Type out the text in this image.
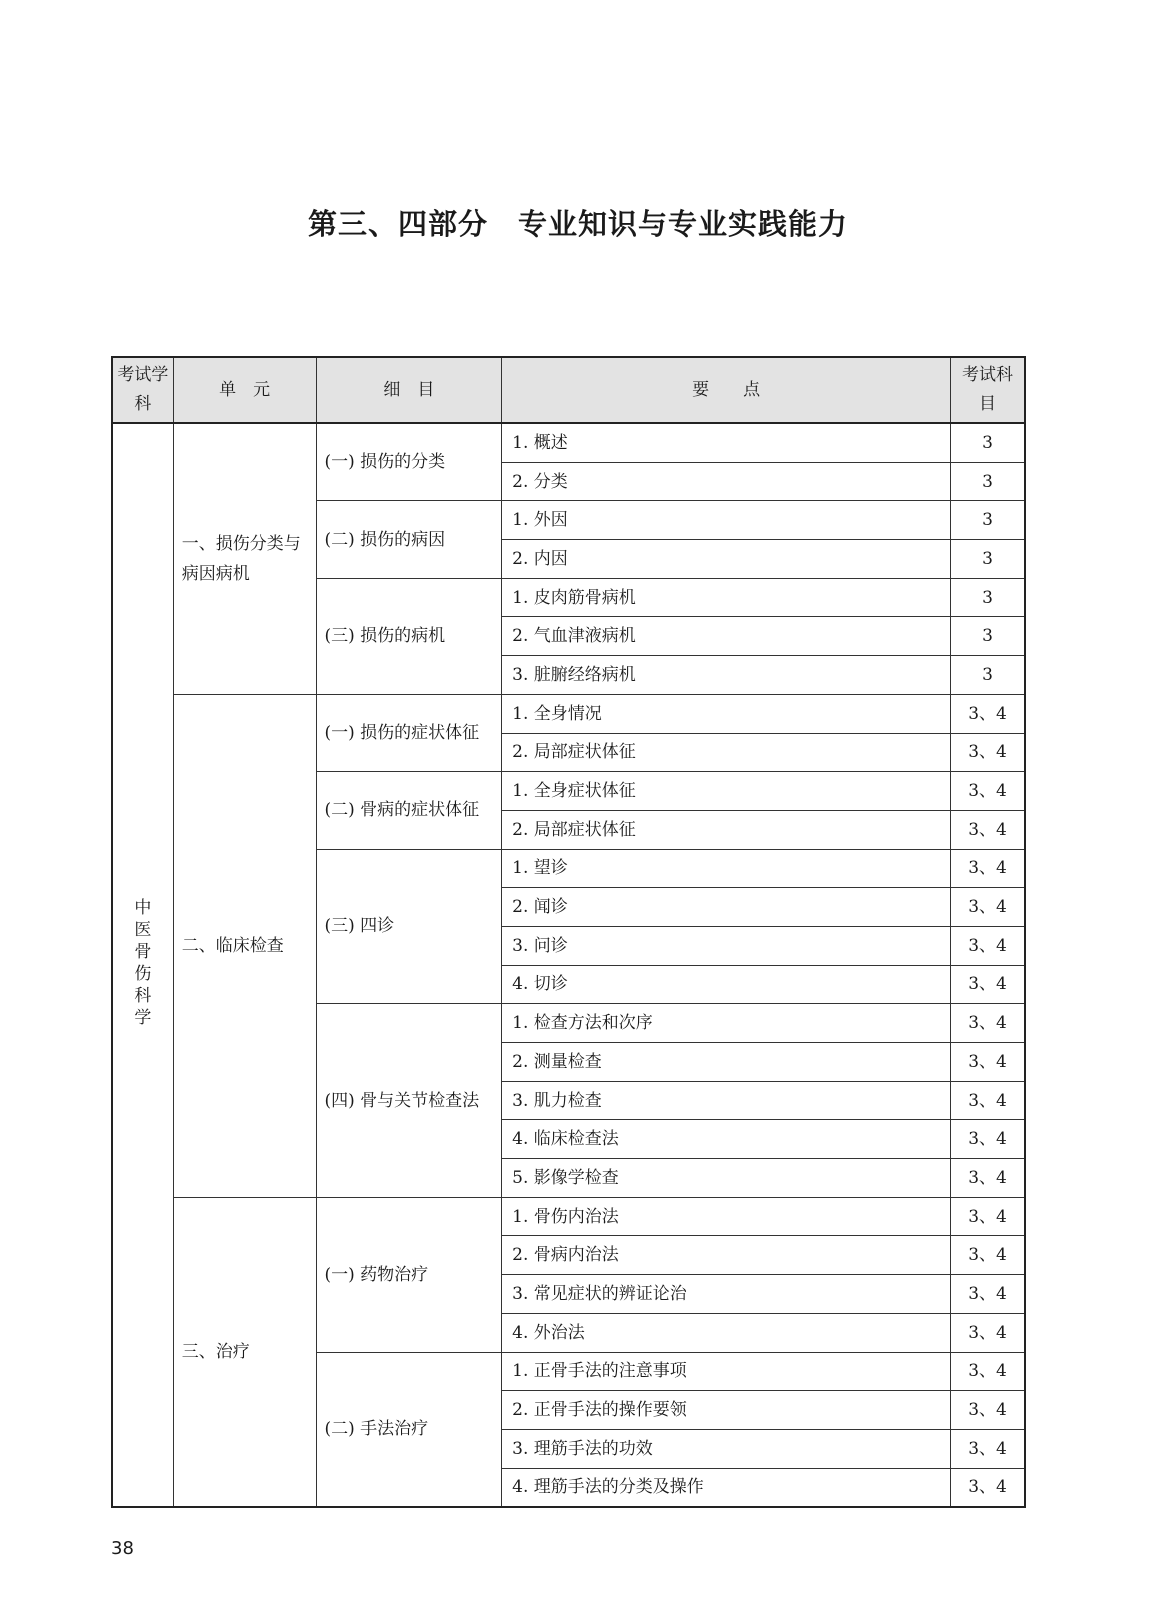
第三、四部分　专业知识与专业实践能力
考试学科	单　元	细　目	要　　点	考试科目
中医骨伤科学	一、损伤分类与病因病机	(一) 损伤的分类	1. 概述	3
			2. 分类	3
		(二) 损伤的病因	1. 外因	3
			2. 内因	3
		(三) 损伤的病机	1. 皮肉筋骨病机	3
			2. 气血津液病机	3
			3. 脏腑经络病机	3
	二、临床检查	(一) 损伤的症状体征	1. 全身情况	3、4
			2. 局部症状体征	3、4
		(二) 骨病的症状体征	1. 全身症状体征	3、4
			2. 局部症状体征	3、4
		(三) 四诊	1. 望诊	3、4
			2. 闻诊	3、4
			3. 问诊	3、4
			4. 切诊	3、4
		(四) 骨与关节检查法	1. 检查方法和次序	3、4
			2. 测量检查	3、4
			3. 肌力检查	3、4
			4. 临床检查法	3、4
			5. 影像学检查	3、4
	三、治疗	(一) 药物治疗	1. 骨伤内治法	3、4
			2. 骨病内治法	3、4
			3. 常见症状的辨证论治	3、4
			4. 外治法	3、4
		(二) 手法治疗	1. 正骨手法的注意事项	3、4
			2. 正骨手法的操作要领	3、4
			3. 理筋手法的功效	3、4
			4. 理筋手法的分类及操作	3、4

38
